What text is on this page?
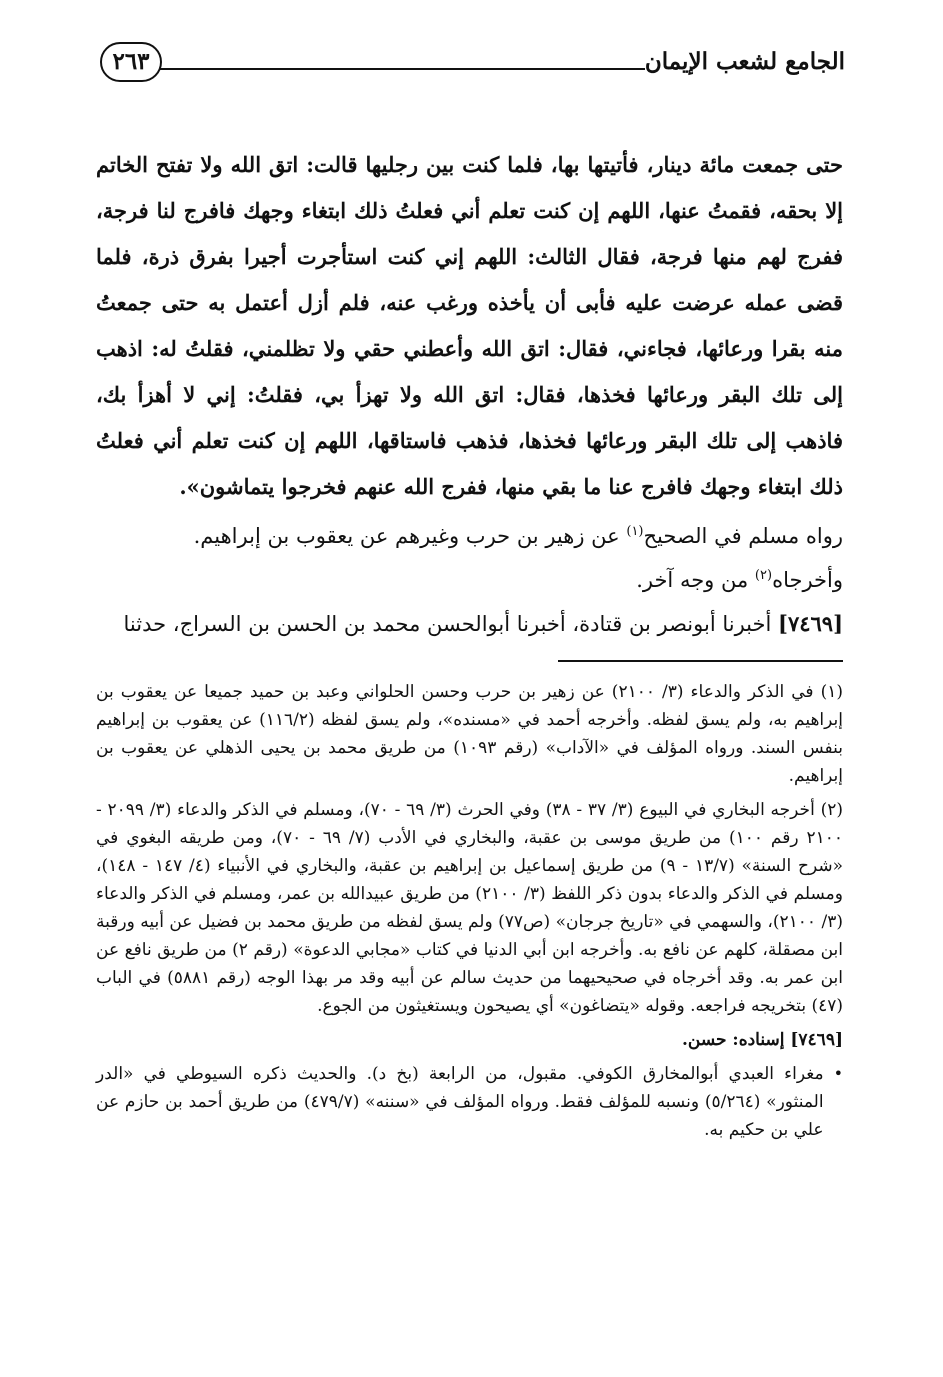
الجامع لشعب الإيمان
٢٦٣

حتى جمعت مائة دينار، فأتيتها بها، فلما كنت بين رجليها قالت: اتق الله ولا تفتح الخاتم إلا بحقه، فقمتُ عنها، اللهم إن كنت تعلم أني فعلتُ ذلك ابتغاء وجهك فافرج لنا فرجة، ففرج لهم منها فرجة، فقال الثالث: اللهم إني كنت استأجرت أجيرا بفرق ذرة، فلما قضى عمله عرضت عليه فأبى أن يأخذه ورغب عنه، فلم أزل أعتمل به حتى جمعتُ منه بقرا ورعائها، فجاءني، فقال: اتق الله وأعطني حقي ولا تظلمني، فقلتُ له: اذهب إلى تلك البقر ورعائها فخذها، فقال: اتق الله ولا تهزأ بي، فقلتُ: إني لا أهزأ بك، فاذهب إلى تلك البقر ورعائها فخذها، فذهب فاستاقها، اللهم إن كنت تعلم أني فعلتُ ذلك ابتغاء وجهك فافرج عنا ما بقي منها، ففرج الله عنهم فخرجوا يتماشون».

رواه مسلم في الصحيح$^{(١)}$ عن زهير بن حرب وغيرهم عن يعقوب بن إبراهيم.

وأخرجاه$^{(٢)}$ من وجه آخر.

[٧٤٦٩] أخبرنا أبونصر بن قتادة، أخبرنا أبوالحسن محمد بن الحسن بن السراج، حدثنا

(١) في الذكر والدعاء (٣/ ٢١٠٠) عن زهير بن حرب وحسن الحلواني وعبد بن حميد جميعا عن يعقوب بن إبراهيم به، ولم يسق لفظه. وأخرجه أحمد في «مسنده»، ولم يسق لفظه (١١٦/٢) عن يعقوب بن إبراهيم بنفس السند. ورواه المؤلف في «الآداب» (رقم ١٠٩٣) من طريق محمد بن يحيى الذهلي عن يعقوب بن إبراهيم.

(٢) أخرجه البخاري في البيوع (٣/ ٣٧ - ٣٨) وفي الحرث (٣/ ٦٩ - ٧٠)، ومسلم في الذكر والدعاء (٣/ ٢٠٩٩ - ٢١٠٠ رقم ١٠٠) من طريق موسى بن عقبة، والبخاري في الأدب (٧/ ٦٩ - ٧٠)، ومن طريقه البغوي في «شرح السنة» (١٣/٧ - ٩) من طريق إسماعيل بن إبراهيم بن عقبة، والبخاري في الأنبياء (٤/ ١٤٧ - ١٤٨)، ومسلم في الذكر والدعاء بدون ذكر اللفظ (٣/ ٢١٠٠) من طريق عبيدالله بن عمر، ومسلم في الذكر والدعاء (٣/ ٢١٠٠)، والسهمي في «تاريخ جرجان» (ص٧٧) ولم يسق لفظه من طريق محمد بن فضيل عن أبيه ورقبة ابن مصقلة، كلهم عن نافع به. وأخرجه ابن أبي الدنيا في كتاب «مجابي الدعوة» (رقم ٢) من طريق نافع عن ابن عمر به. وقد أخرجاه في صحيحيهما من حديث سالم عن أبيه وقد مر بهذا الوجه (رقم ٥٨٨١) في الباب (٤٧) بتخريجه فراجعه. وقوله «يتضاغون» أي يصيحون ويستغيثون من الجوع.

[٧٤٦٩] إسناده: حسن.

•
مغراء العبدي أبوالمخارق الكوفي. مقبول، من الرابعة (بخ د). والحديث ذكره السيوطي في «الدر المنثور» (٥/٢٦٤) ونسبه للمؤلف فقط. ورواه المؤلف في «سننه» (٤٧٩/٧) من طريق أحمد بن حازم عن علي بن حكيم به.
